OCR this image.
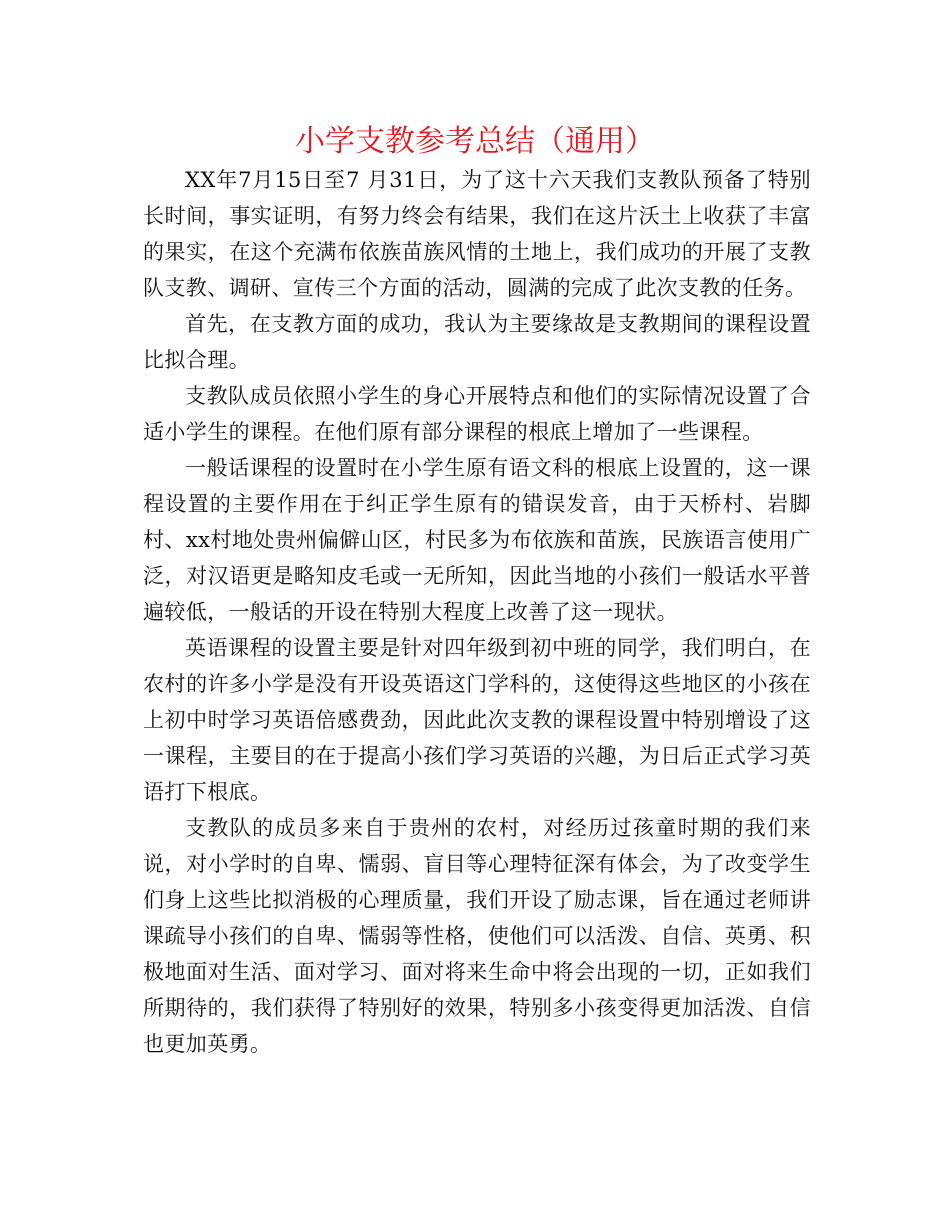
小学支教参考总结（通用）

XX年7月15日至7 月31日，为了这十六天我们支教队预备了特别长时间，事实证明，有努力终会有结果，我们在这片沃土上收获了丰富的果实，在这个充满布依族苗族风情的土地上，我们成功的开展了支教队支教、调研、宣传三个方面的活动，圆满的完成了此次支教的任务。

首先，在支教方面的成功，我认为主要缘故是支教期间的课程设置比拟合理。

支教队成员依照小学生的身心开展特点和他们的实际情况设置了合适小学生的课程。在他们原有部分课程的根底上增加了一些课程。

一般话课程的设置时在小学生原有语文科的根底上设置的，这一课程设置的主要作用在于纠正学生原有的错误发音，由于天桥村、岩脚村、xx村地处贵州偏僻山区，村民多为布依族和苗族，民族语言使用广泛，对汉语更是略知皮毛或一无所知，因此当地的小孩们一般话水平普遍较低，一般话的开设在特别大程度上改善了这一现状。

英语课程的设置主要是针对四年级到初中班的同学，我们明白，在农村的许多小学是没有开设英语这门学科的，这使得这些地区的小孩在上初中时学习英语倍感费劲，因此此次支教的课程设置中特别增设了这一课程，主要目的在于提高小孩们学习英语的兴趣，为日后正式学习英语打下根底。

支教队的成员多来自于贵州的农村，对经历过孩童时期的我们来说，对小学时的自卑、懦弱、盲目等心理特征深有体会，为了改变学生们身上这些比拟消极的心理质量，我们开设了励志课，旨在通过老师讲课疏导小孩们的自卑、懦弱等性格，使他们可以活泼、自信、英勇、积极地面对生活、面对学习、面对将来生命中将会出现的一切，正如我们所期待的，我们获得了特别好的效果，特别多小孩变得更加活泼、自信也更加英勇。
